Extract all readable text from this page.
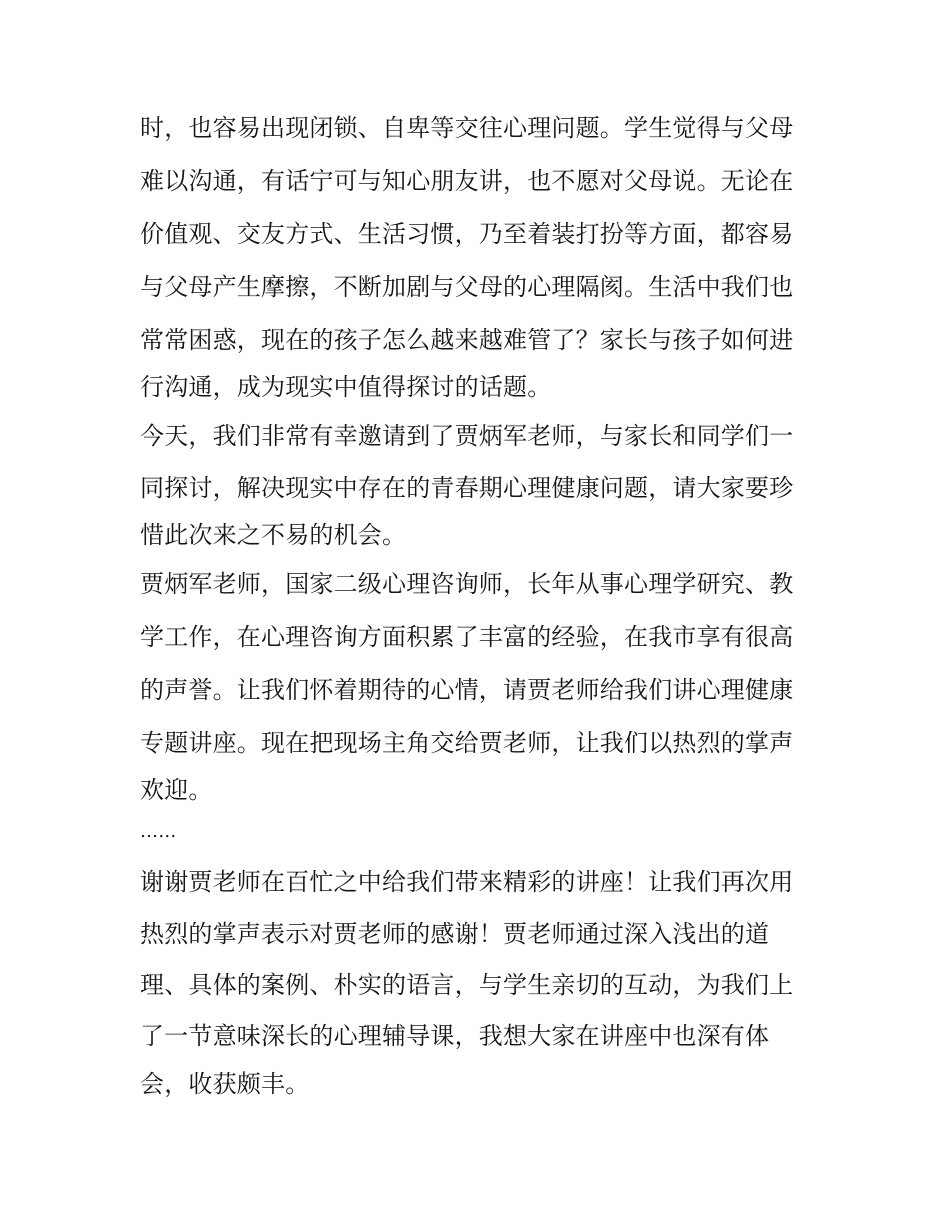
时，也容易出现闭锁、自卑等交往心理问题。学生觉得与父母

难以沟通，有话宁可与知心朋友讲，也不愿对父母说。无论在

价值观、交友方式、生活习惯，乃至着装打扮等方面，都容易

与父母产生摩擦，不断加剧与父母的心理隔阂。生活中我们也

常常困惑，现在的孩子怎么越来越难管了？家长与孩子如何进

行沟通，成为现实中值得探讨的话题。

今天，我们非常有幸邀请到了贾炳军老师，与家长和同学们一

同探讨，解决现实中存在的青春期心理健康问题，请大家要珍

惜此次来之不易的机会。

贾炳军老师，国家二级心理咨询师，长年从事心理学研究、教

学工作，在心理咨询方面积累了丰富的经验，在我市享有很高

的声誉。让我们怀着期待的心情，请贾老师给我们讲心理健康

专题讲座。现在把现场主角交给贾老师，让我们以热烈的掌声

欢迎。

……

谢谢贾老师在百忙之中给我们带来精彩的讲座！让我们再次用

热烈的掌声表示对贾老师的感谢！贾老师通过深入浅出的道

理、具体的案例、朴实的语言，与学生亲切的互动，为我们上

了一节意味深长的心理辅导课，我想大家在讲座中也深有体

会，收获颇丰。
